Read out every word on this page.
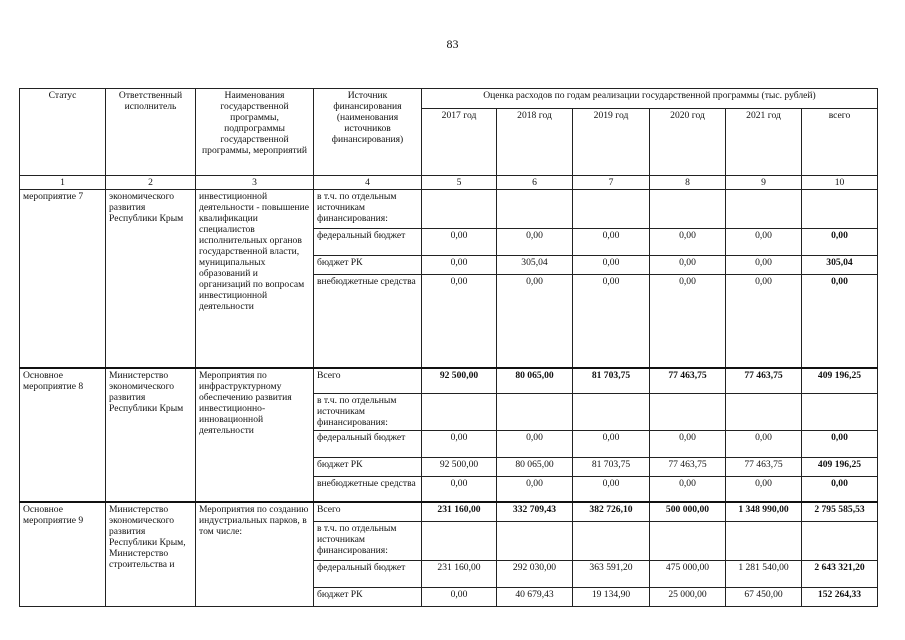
83
Статус	Ответственный исполнитель	Наименования государственной программы, подпрограммы государственной программы, мероприятий	Источник финансирования (наименования источников финансирования)	Оценка расходов по годам реализации государственной программы (тыс. рублей)					
				2017 год	2018 год	2019 год	2020 год	2021 год	всего
1	2	3	4	5	6	7	8	9	10
мероприятие 7	экономического развития Республики Крым	инвестиционной деятельности - повышение квалификации специалистов исполнительных органов государственной власти, муниципальных образований и организаций по вопросам инвестиционной деятельности	в т.ч. по отдельным источникам финансирования:						
			федеральный бюджет	0,00	0,00	0,00	0,00	0,00	0,00
			бюджет РК	0,00	305,04	0,00	0,00	0,00	305,04
			внебюджетные средства	0,00	0,00	0,00	0,00	0,00	0,00
Основное мероприятие 8	Министерство экономического развития Республики Крым	Мероприятия по инфраструктурному обеспечению развития инвестиционно-инновационной деятельности	Всего	92 500,00	80 065,00	81 703,75	77 463,75	77 463,75	409 196,25
			в т.ч. по отдельным источникам финансирования:						
			федеральный бюджет	0,00	0,00	0,00	0,00	0,00	0,00
			бюджет РК	92 500,00	80 065,00	81 703,75	77 463,75	77 463,75	409 196,25
			внебюджетные средства	0,00	0,00	0,00	0,00	0,00	0,00
Основное мероприятие 9	Министерство экономического развития Республики Крым, Министерство строительства и	Мероприятия по созданию индустриальных парков, в том числе:	Всего	231 160,00	332 709,43	382 726,10	500 000,00	1 348 990,00	2 795 585,53
			в т.ч. по отдельным источникам финансирования:						
			федеральный бюджет	231 160,00	292 030,00	363 591,20	475 000,00	1 281 540,00	2 643 321,20
			бюджет РК	0,00	40 679,43	19 134,90	25 000,00	67 450,00	152 264,33
